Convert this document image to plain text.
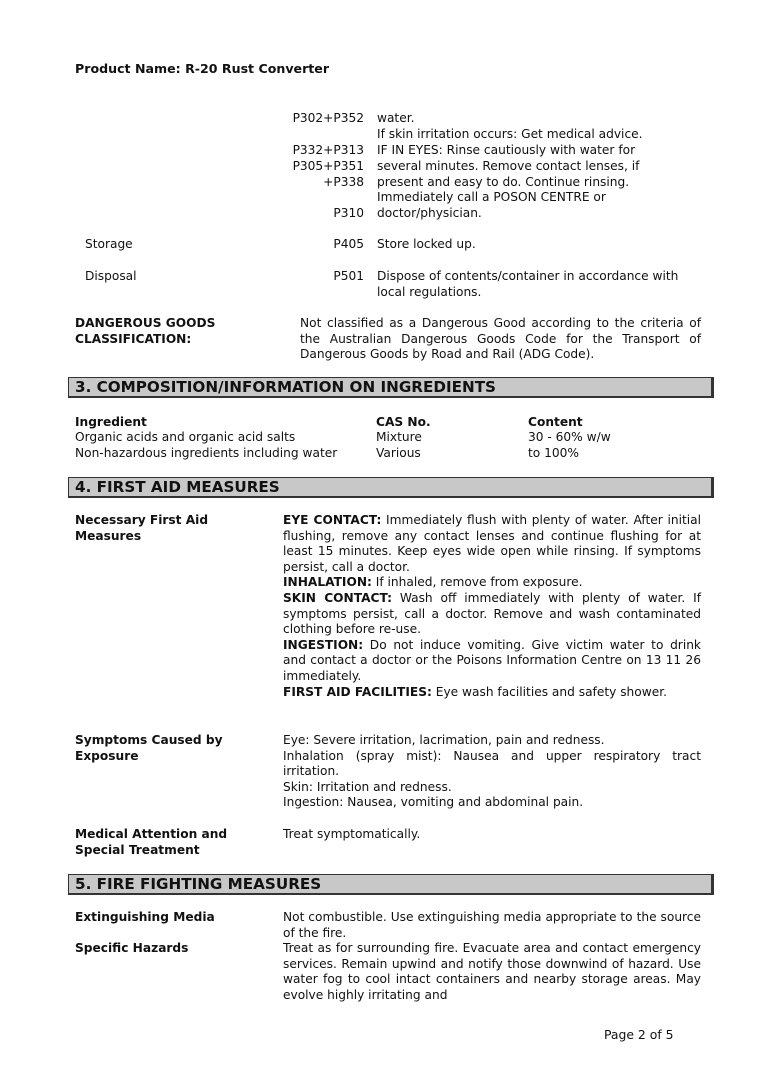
Product Name: R-20 Rust Converter
P302+P352 water.
If skin irritation occurs: Get medical advice.
P332+P313 IF IN EYES: Rinse cautiously with water for
P305+P351 several minutes. Remove contact lenses, if
+P338 present and easy to do. Continue rinsing.
Immediately call a POSON CENTRE or
P310 doctor/physician.
Storage	P405 Store locked up.
Disposal	P501 Dispose of contents/container in accordance with
local regulations.
DANGEROUS GOODS
CLASSIFICATION:
Not classified as a Dangerous Good according to the criteria of the Australian Dangerous Goods Code for the Transport of Dangerous Goods by Road and Rail (ADG Code).
3. COMPOSITION/INFORMATION ON INGREDIENTS
Ingredient	CAS No.	Content
Organic acids and organic acid salts	Mixture	30 - 60% w/w
Non-hazardous ingredients including water	Various	to 100%
4. FIRST AID MEASURES
Necessary First Aid
Measures

EYE CONTACT: Immediately flush with plenty of water. After initial flushing, remove any contact lenses and continue flushing for at least 15 minutes. Keep eyes wide open while rinsing. If symptoms persist, call a doctor.

INHALATION: If inhaled, remove from exposure.

SKIN CONTACT: Wash off immediately with plenty of water. If symptoms persist, call a doctor. Remove and wash contaminated clothing before re-use.

INGESTION: Do not induce vomiting. Give victim water to drink and contact a doctor or the Poisons Information Centre on 13 11 26 immediately.

FIRST AID FACILITIES: Eye wash facilities and safety shower.

Symptoms Caused by
Exposure

Eye: Severe irritation, lacrimation, pain and redness.

Inhalation (spray mist): Nausea and upper respiratory tract irritation.

Skin: Irritation and redness.

Ingestion: Nausea, vomiting and abdominal pain.

Medical Attention and
Special Treatment
Treat symptomatically.
5. FIRE FIGHTING MEASURES
Extinguishing Media	Not combustible. Use extinguishing media appropriate to the source of the fire.
Specific Hazards	Treat as for surrounding fire. Evacuate area and contact emergency services. Remain upwind and notify those downwind of hazard. Use water fog to cool intact containers and nearby storage areas. May evolve highly irritating and
Page 2 of 5
